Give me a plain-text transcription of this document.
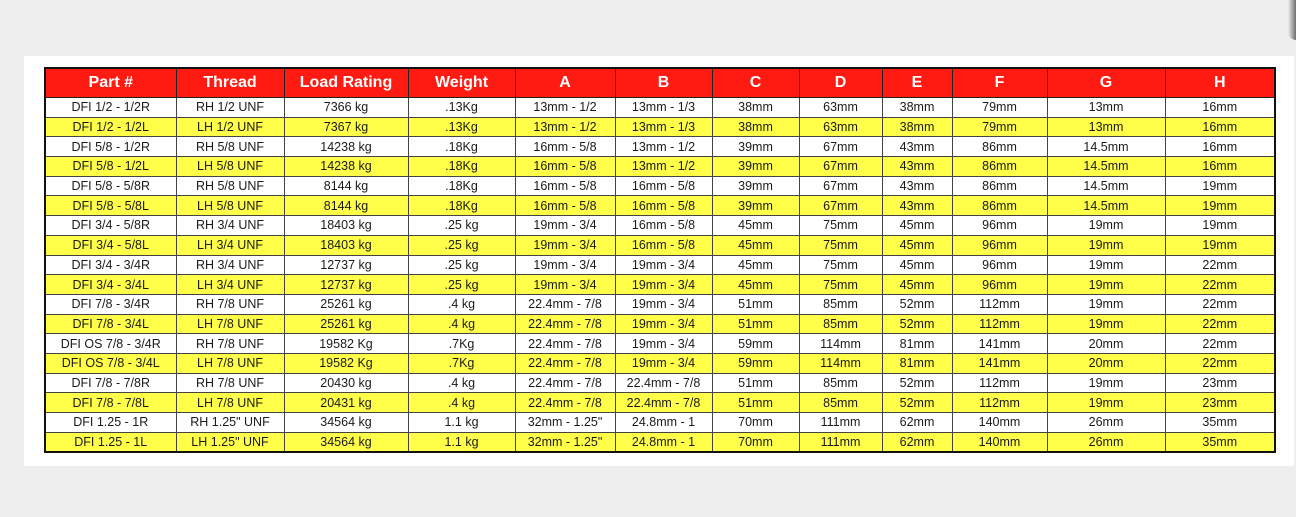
Part #	Thread	Load Rating	Weight	A	B	C	D	E	F	G	H
DFI 1/2 - 1/2R	RH 1/2 UNF	7366 kg	.13Kg	13mm - 1/2	13mm - 1/3	38mm	63mm	38mm	79mm	13mm	16mm
DFI 1/2 - 1/2L	LH 1/2 UNF	7367 kg	.13Kg	13mm - 1/2	13mm - 1/3	38mm	63mm	38mm	79mm	13mm	16mm
DFI 5/8 - 1/2R	RH 5/8 UNF	14238 kg	.18Kg	16mm - 5/8	13mm - 1/2	39mm	67mm	43mm	86mm	14.5mm	16mm
DFI 5/8 - 1/2L	LH 5/8 UNF	14238 kg	.18Kg	16mm - 5/8	13mm - 1/2	39mm	67mm	43mm	86mm	14.5mm	16mm
DFI 5/8 - 5/8R	RH 5/8 UNF	8144 kg	.18Kg	16mm - 5/8	16mm - 5/8	39mm	67mm	43mm	86mm	14.5mm	19mm
DFI 5/8 - 5/8L	LH 5/8 UNF	8144 kg	.18Kg	16mm - 5/8	16mm - 5/8	39mm	67mm	43mm	86mm	14.5mm	19mm
DFI 3/4 - 5/8R	RH 3/4 UNF	18403 kg	.25 kg	19mm - 3/4	16mm - 5/8	45mm	75mm	45mm	96mm	19mm	19mm
DFI 3/4 - 5/8L	LH 3/4 UNF	18403 kg	.25 kg	19mm - 3/4	16mm - 5/8	45mm	75mm	45mm	96mm	19mm	19mm
DFI 3/4 - 3/4R	RH 3/4 UNF	12737 kg	.25 kg	19mm - 3/4	19mm - 3/4	45mm	75mm	45mm	96mm	19mm	22mm
DFI 3/4 - 3/4L	LH 3/4 UNF	12737 kg	.25 kg	19mm - 3/4	19mm - 3/4	45mm	75mm	45mm	96mm	19mm	22mm
DFI 7/8 - 3/4R	RH 7/8 UNF	25261 kg	.4 kg	22.4mm - 7/8	19mm - 3/4	51mm	85mm	52mm	112mm	19mm	22mm
DFI 7/8 - 3/4L	LH 7/8 UNF	25261 kg	.4 kg	22.4mm - 7/8	19mm - 3/4	51mm	85mm	52mm	112mm	19mm	22mm
DFI OS 7/8 - 3/4R	RH 7/8 UNF	19582 Kg	.7Kg	22.4mm - 7/8	19mm - 3/4	59mm	114mm	81mm	141mm	20mm	22mm
DFI OS 7/8 - 3/4L	LH 7/8 UNF	19582 Kg	.7Kg	22.4mm - 7/8	19mm - 3/4	59mm	114mm	81mm	141mm	20mm	22mm
DFI 7/8 - 7/8R	RH 7/8 UNF	20430 kg	.4 kg	22.4mm - 7/8	22.4mm - 7/8	51mm	85mm	52mm	112mm	19mm	23mm
DFI 7/8 - 7/8L	LH 7/8 UNF	20431 kg	.4 kg	22.4mm - 7/8	22.4mm - 7/8	51mm	85mm	52mm	112mm	19mm	23mm
DFI 1.25 - 1R	RH 1.25" UNF	34564 kg	1.1 kg	32mm - 1.25"	24.8mm - 1	70mm	111mm	62mm	140mm	26mm	35mm
DFI 1.25 - 1L	LH 1.25" UNF	34564 kg	1.1 kg	32mm - 1.25"	24.8mm - 1	70mm	111mm	62mm	140mm	26mm	35mm
